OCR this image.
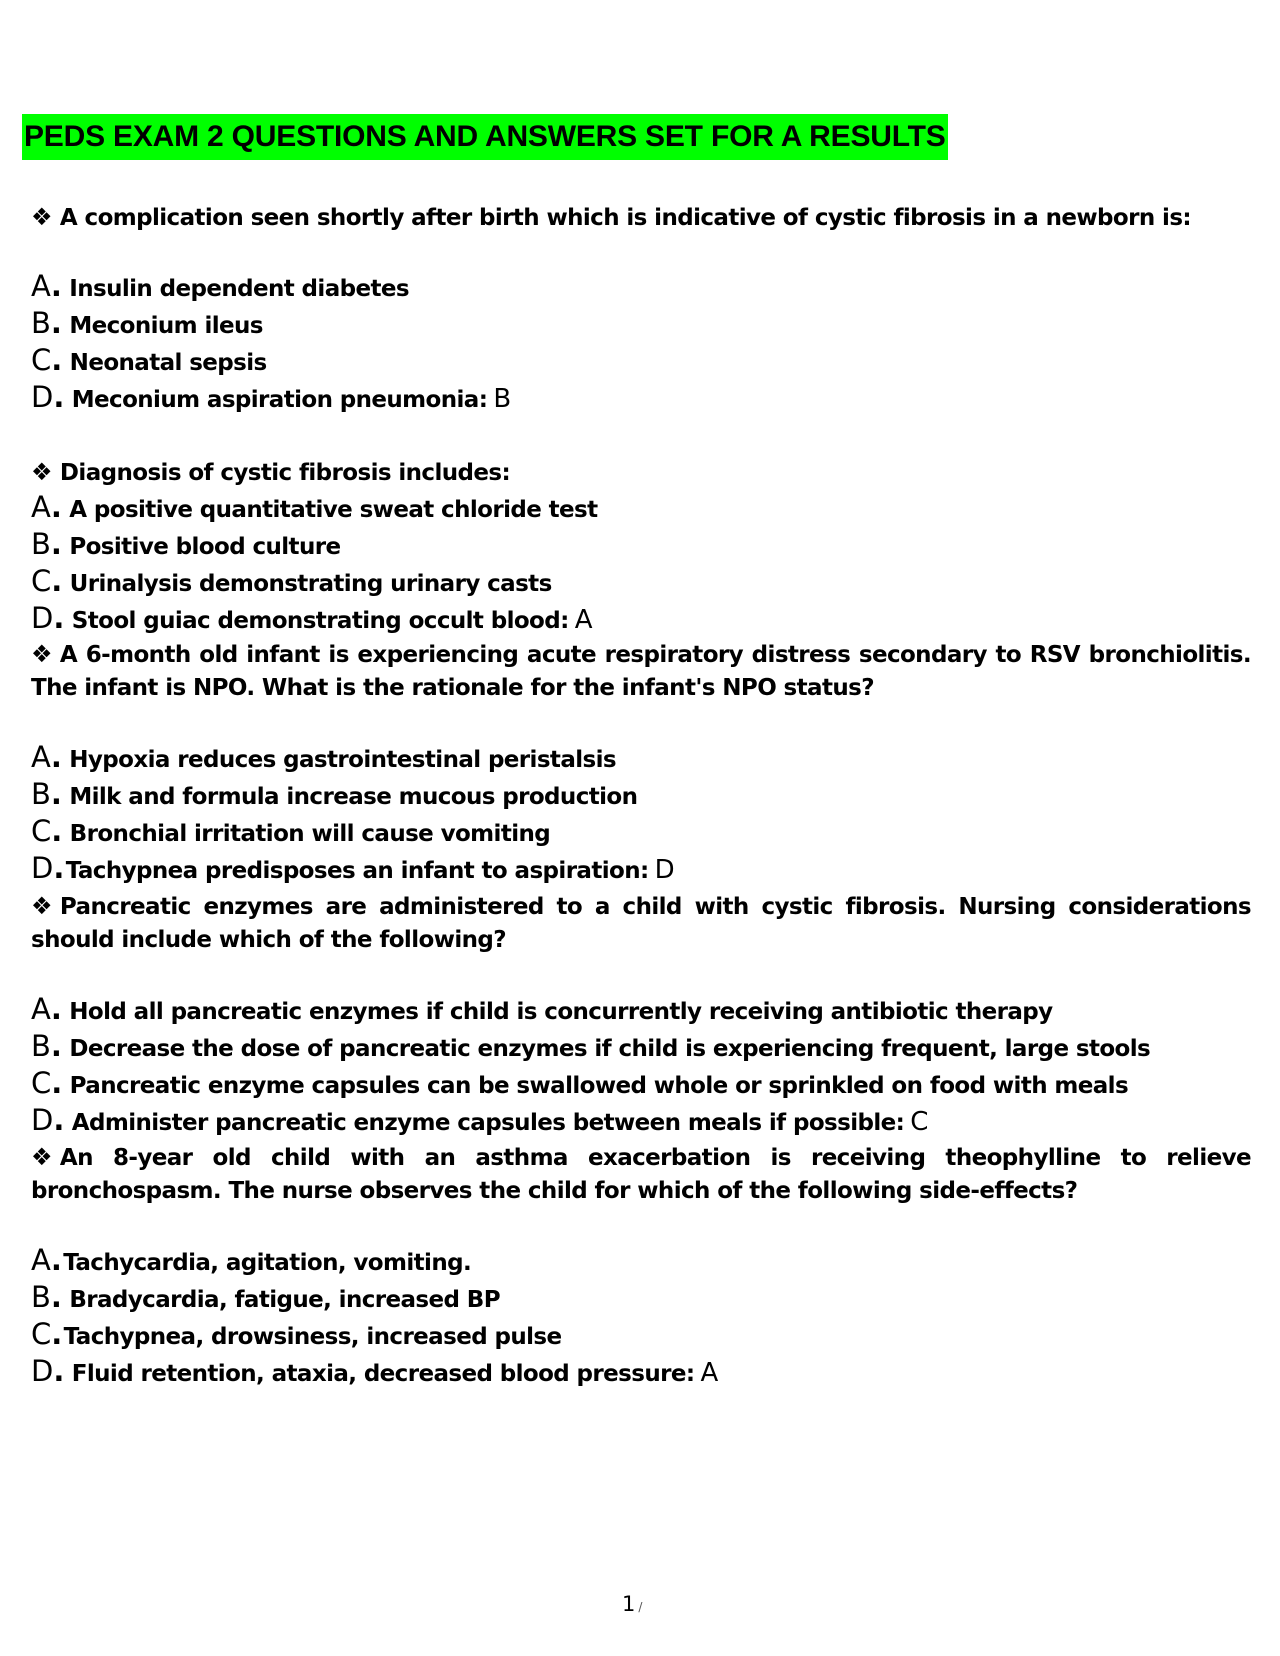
PEDS EXAM 2 QUESTIONS AND ANSWERS SET FOR A RESULTS
❖ A complication seen shortly after birth which is indicative of cystic fibrosis in a newborn is:
A . Insulin dependent diabetes
B . Meconium ileus
C . Neonatal sepsis
D . Meconium aspiration pneumonia: B
❖ Diagnosis of cystic fibrosis includes:
A . A positive quantitative sweat chloride test
B . Positive blood culture
C . Urinalysis demonstrating urinary casts
D . Stool guiac demonstrating occult blood: A
❖ A 6-month old infant is experiencing acute respiratory distress secondary to RSV bronchiolitis. The infant is NPO. What is the rationale for the infant's NPO status?
A . Hypoxia reduces gastrointestinal peristalsis
B . Milk and formula increase mucous production
C . Bronchial irritation will cause vomiting
D . Tachypnea predisposes an infant to aspiration: D
❖ Pancreatic enzymes are administered to a child with cystic fibrosis. Nursing considerations should include which of the following?
A . Hold all pancreatic enzymes if child is concurrently receiving antibiotic therapy
B . Decrease the dose of pancreatic enzymes if child is experiencing frequent, large stools
C . Pancreatic enzyme capsules can be swallowed whole or sprinkled on food with meals
D . Administer pancreatic enzyme capsules between meals if possible: C
❖ An 8-year old child with an asthma exacerbation is receiving theophylline to relieve bronchospasm. The nurse observes the child for which of the following side-effects?
A . Tachycardia, agitation, vomiting.
B . Bradycardia, fatigue, increased BP
C . Tachypnea, drowsiness, increased pulse
D . Fluid retention, ataxia, decreased blood pressure: A
1 /
